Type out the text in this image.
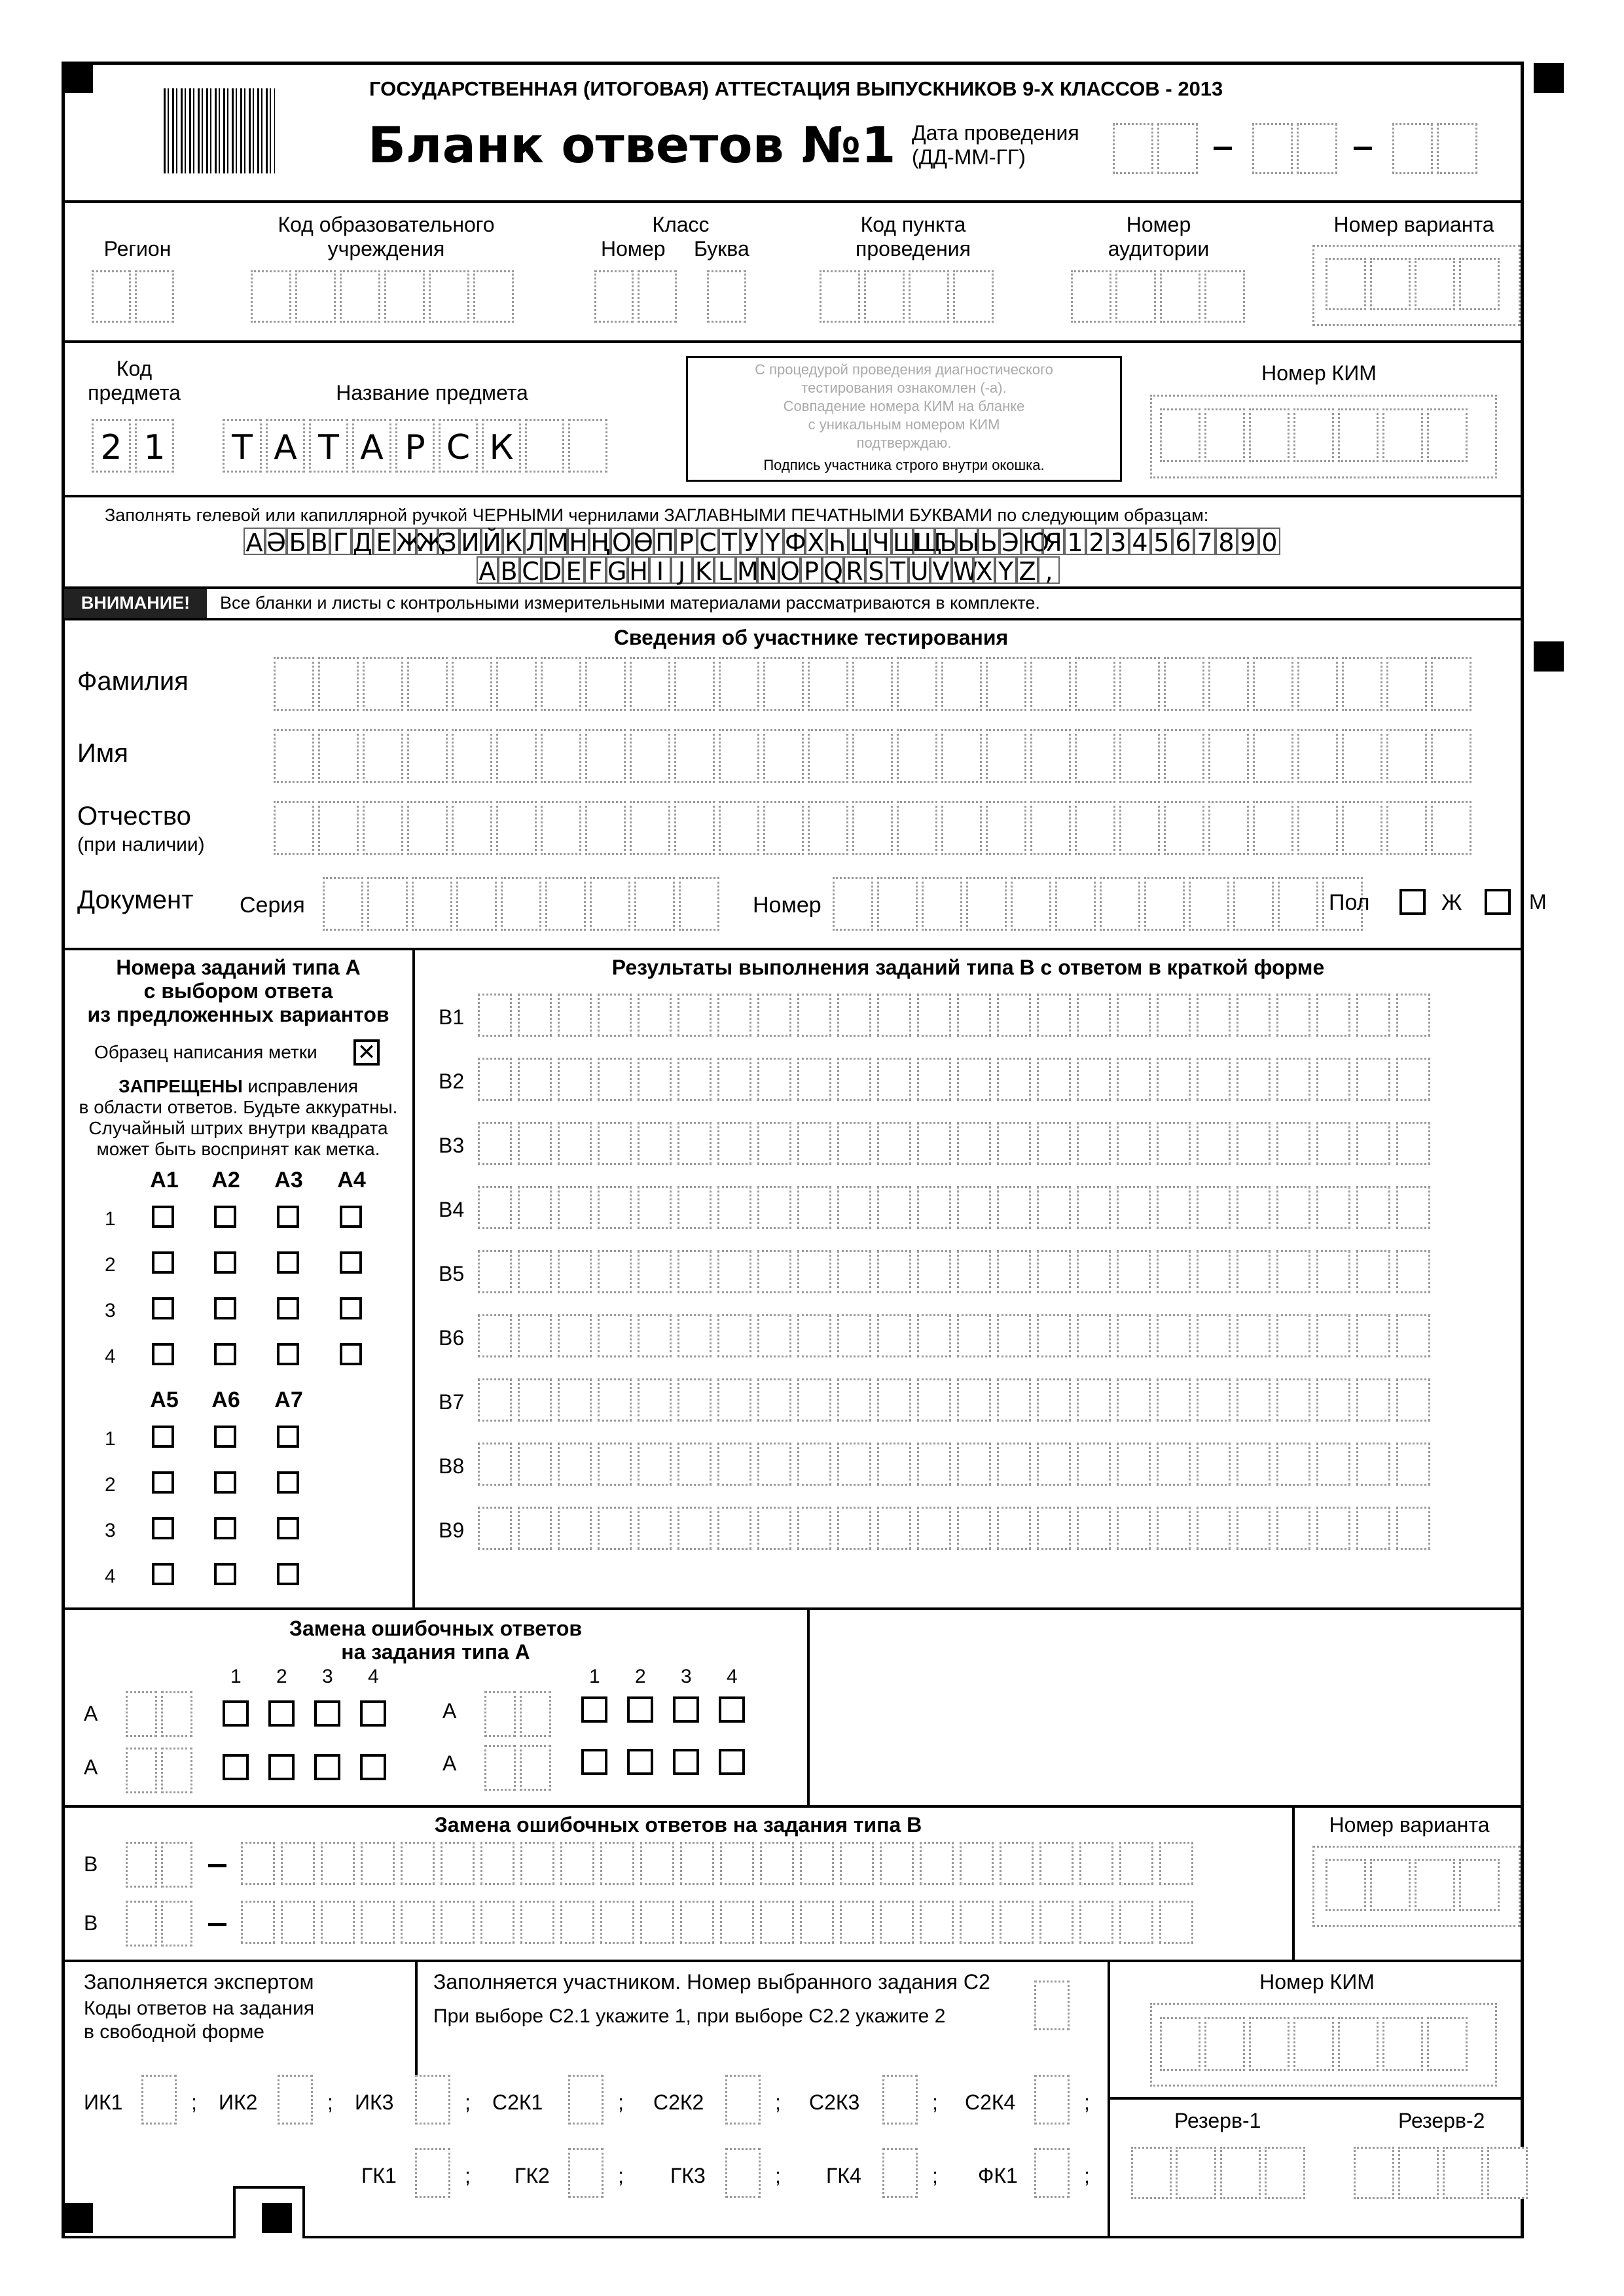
ГОСУДАРСТВЕННАЯ (ИТОГОВАЯ) АТТЕСТАЦИЯ ВЫПУСКНИКОВ 9-Х КЛАССОВ - 2013
Бланк ответов №1 Дата проведения
(ДД-ММ-ГГ)
Регион
Код образовательного
учреждения
Класс
Номер Буква
Код пункта
проведения
Номер
аудитории
Номер варианта
Код
предмета
2 1
Название предмета
Т А Т А Р С К
С процедурой проведения диагностического
тестирования ознакомлен (-а).
Совпадение номера КИМ на бланке
с уникальным номером КИМ
подтверждаю.
Подпись участника строго внутри окошка.
Номер КИМ
Заполнять гелевой или капиллярной ручкой ЧЕРНЫМИ чернилами ЗАГЛАВНЫМИ ПЕЧАТНЫМИ БУКВАМИ по следующим образцам:
А Ә Б В Г Д Е Ж
Җ
З И Й К Л М Н Ң О Ө П Р С Т У Ү Ф Х Һ Ц Ч Ш
Щ
Ъ Ы Ь Э Ю
Я 1 2 3 4 5 6 7 8 9 0
A B C D E F G H I J K L M N O P Q R S T U V W
X Y Z ,
ВНИМАНИЕ!	Все бланки и листы с контрольными измерительными материалами рассматриваются в комплекте.
Сведения об участнике тестирования
Фамилия
Имя
Отчество
(при наличии)
Документ Серия	Номер	Пол	Ж	М
Номера заданий типа А
с выбором ответа
из предложенных вариантов
Образец написания метки ✕
ЗАПРЕЩЕНЫ исправления
в области ответов. Будьте аккуратны.
Случайный штрих внутри квадрата
может быть воспринят как метка.
А1 А2 А3 А4
1
2
3
4
А5 А6 А7
1
2
3
4
Результаты выполнения заданий типа В с ответом в краткой форме
В1
В2
В3
В4
В5
В6
В7
В8
В9
Замена ошибочных ответов
на задания типа А
1 2 3 4	1 2 3 4
А
А
А
А
Замена ошибочных ответов на задания типа В	Номер варианта
В
В
Заполняется экспертом
Коды ответов на задания
в свободной форме
Заполняется участником. Номер выбранного задания С2
При выборе С2.1 укажите 1, при выборе С2.2 укажите 2
Номер КИМ
Резерв-1	Резерв-2
ИК1	; ИК2	; ИК3	; С2К1	; С2К2	; С2К3	; С2К4	;
ГК1	; ГК2	; ГК3	; ГК4	; ФК1	;
